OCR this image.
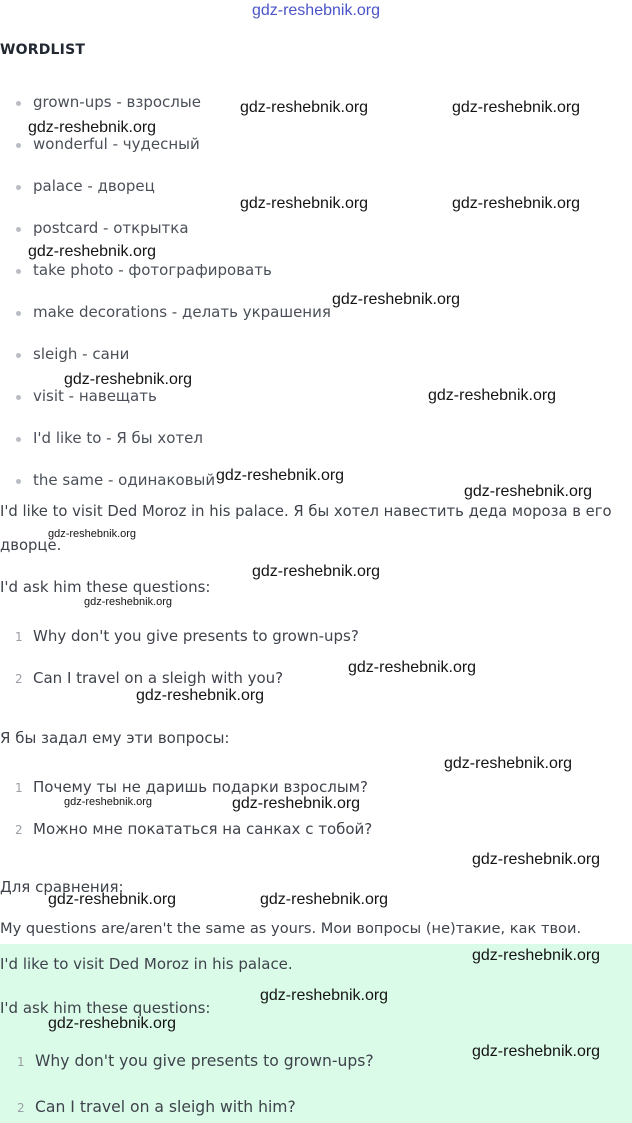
gdz-reshebnik.org
WORDLIST
grown-ups - взрослые
wonderful - чудесный
palace - дворец
postcard - открытка
take photo - фотографировать
make decorations - делать украшения
sleigh - сани
visit - навещать
I'd like to - Я бы хотел
the same - одинаковый
I'd like to visit Ded Moroz in his palace. Я бы хотел навестить деда мороза в его
дворце.
I'd ask him these questions:
1 Why don't you give presents to grown-ups?
2 Can I travel on a sleigh with you?
Я бы задал ему эти вопросы:
1 Почему ты не даришь подарки взрослым?
2 Можно мне покататься на санках с тобой?
Для сравнения:
My questions are/aren't the same as yours. Мои вопросы (не)такие, как твои.
I'd like to visit Ded Moroz in his palace.
I'd ask him these questions:
1 Why don't you give presents to grown-ups?
2 Can I travel on a sleigh with him?
gdz-reshebnik.org	gdz-reshebnik.org
gdz-reshebnik.org
gdz-reshebnik.org	gdz-reshebnik.org
gdz-reshebnik.org
gdz-reshebnik.org
gdz-reshebnik.org
gdz-reshebnik.org
gdz-reshebnik.org
gdz-reshebnik.org
gdz-reshebnik.org
gdz-reshebnik.org
gdz-reshebnik.org
gdz-reshebnik.org
gdz-reshebnik.org
gdz-reshebnik.org
gdz-reshebnik.org	gdz-reshebnik.org
gdz-reshebnik.org
gdz-reshebnik.org	gdz-reshebnik.org
gdz-reshebnik.org
gdz-reshebnik.org
gdz-reshebnik.org
gdz-reshebnik.org
